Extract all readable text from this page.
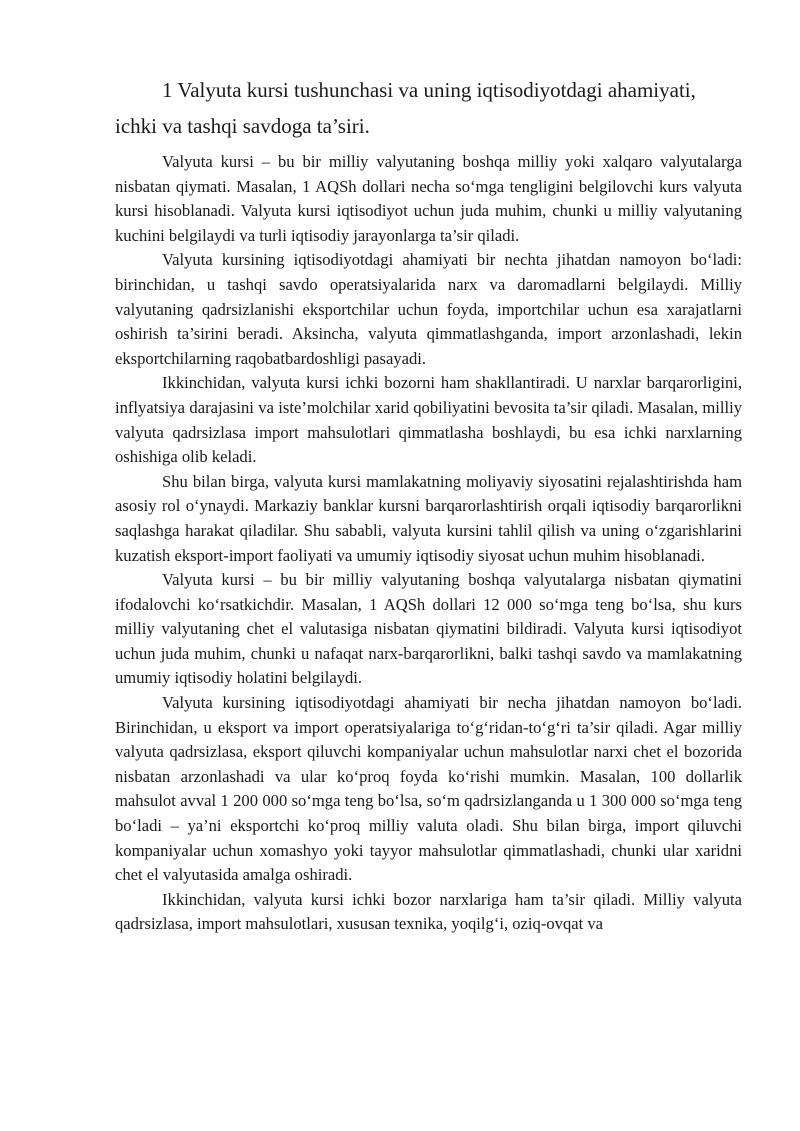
1 Valyuta kursi tushunchasi va uning iqtisodiyotdagi ahamiyati,
ichki va tashqi savdoga ta’siri.

Valyuta kursi – bu bir milliy valyutaning boshqa milliy yoki xalqaro valyutalarga nisbatan qiymati. Masalan, 1 AQSh dollari necha so‘mga tengligini belgilovchi kurs valyuta kursi hisoblanadi. Valyuta kursi iqtisodiyot uchun juda muhim, chunki u milliy valyutaning kuchini belgilaydi va turli iqtisodiy jarayonlarga ta’sir qiladi.

Valyuta kursining iqtisodiyotdagi ahamiyati bir nechta jihatdan namoyon bo‘ladi: birinchidan, u tashqi savdo operatsiyalarida narx va daromadlarni belgilaydi. Milliy valyutaning qadrsizlanishi eksportchilar uchun foyda, importchilar uchun esa xarajatlarni oshirish ta’sirini beradi. Aksincha, valyuta qimmatlashganda, import arzonlashadi, lekin eksportchilarning raqobatbardoshligi pasayadi.

Ikkinchidan, valyuta kursi ichki bozorni ham shakllantiradi. U narxlar barqarorligini, inflyatsiya darajasini va iste’molchilar xarid qobiliyatini bevosita ta’sir qiladi. Masalan, milliy valyuta qadrsizlasa import mahsulotlari qimmatlasha boshlaydi, bu esa ichki narxlarning oshishiga olib keladi.

Shu bilan birga, valyuta kursi mamlakatning moliyaviy siyosatini rejalashtirishda ham asosiy rol o‘ynaydi. Markaziy banklar kursni barqarorlashtirish orqali iqtisodiy barqarorlikni saqlashga harakat qiladilar. Shu sababli, valyuta kursini tahlil qilish va uning o‘zgarishlarini kuzatish eksport-import faoliyati va umumiy iqtisodiy siyosat uchun muhim hisoblanadi.

Valyuta kursi – bu bir milliy valyutaning boshqa valyutalarga nisbatan qiymatini ifodalovchi ko‘rsatkichdir. Masalan, 1 AQSh dollari 12 000 so‘mga teng bo‘lsa, shu kurs milliy valyutaning chet el valutasiga nisbatan qiymatini bildiradi. Valyuta kursi iqtisodiyot uchun juda muhim, chunki u nafaqat narx-barqarorlikni, balki tashqi savdo va mamlakatning umumiy iqtisodiy holatini belgilaydi.

Valyuta kursining iqtisodiyotdagi ahamiyati bir necha jihatdan namoyon bo‘ladi. Birinchidan, u eksport va import operatsiyalariga to‘g‘ridan-to‘g‘ri ta’sir qiladi. Agar milliy valyuta qadrsizlasa, eksport qiluvchi kompaniyalar uchun mahsulotlar narxi chet el bozorida nisbatan arzonlashadi va ular ko‘proq foyda ko‘rishi mumkin. Masalan, 100 dollarlik mahsulot avval 1 200 000 so‘mga teng bo‘lsa, so‘m qadrsizlanganda u 1 300 000 so‘mga teng bo‘ladi – ya’ni eksportchi ko‘proq milliy valuta oladi. Shu bilan birga, import qiluvchi kompaniyalar uchun xomashyo yoki tayyor mahsulotlar qimmatlashadi, chunki ular xaridni chet el valyutasida amalga oshiradi.

Ikkinchidan, valyuta kursi ichki bozor narxlariga ham ta’sir qiladi. Milliy valyuta qadrsizlasa, import mahsulotlari, xususan texnika, yoqilg‘i, oziq-ovqat va
